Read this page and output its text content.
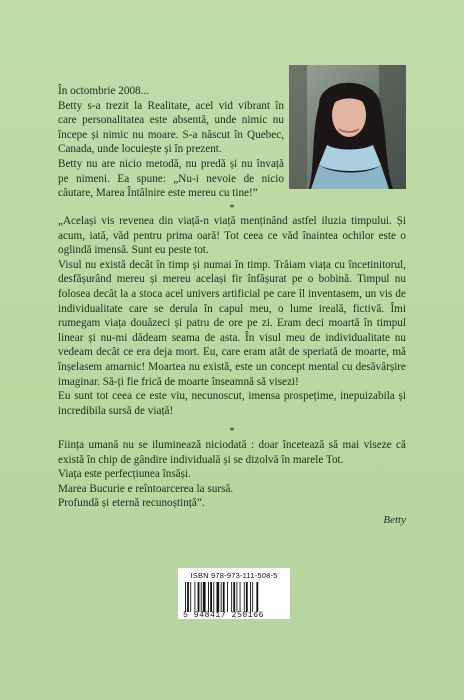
În octombrie 2008...

Betty s-a trezit la Realitate, acel vid vibrant în care personalitatea este absentă, unde nimic nu începe și nimic nu moare. S-a născut în Quebec, Canada, unde locuiește și în prezent.

Betty nu are nicio metodă, nu predă și nu învață pe nimeni. Ea spune: „Nu-i nevoie de nicio căutare, Marea Întâlnire este mereu cu tine!”

*

„Același vis revenea din viață-n viață menținând astfel iluzia timpului. Și acum, iată, văd pentru prima oară! Tot ceea ce văd înaintea ochilor este o oglindă imensă. Sunt eu peste tot.

Visul nu există decât în timp și numai în timp. Trăiam viața cu încetinitorul, desfășurând mereu și mereu același fir înfășurat pe o bobină. Timpul nu folosea decât la a stoca acel univers artificial pe care îl inventasem, un vis de individualitate care se derula în capul meu, o lume ireală, fictivă. Îmi rumegam viața douăzeci și patru de ore pe zi. Eram deci moartă în timpul linear și nu-mi dădeam seama de asta. În visul meu de individualitate nu vedeam decât ce era deja mort. Eu, care eram atât de speriată de moarte, mă înșelasem amarnic! Moartea nu există, este un concept mental cu desăvârșire imaginar. Să-ți fie frică de moarte înseamnă să visezi!

Eu sunt tot ceea ce este viu, necunoscut, imensa prospețime, inepuizabila și incredibila sursă de viață!

*

Ființa umană nu se iluminează niciodată : doar încetează să mai viseze că există în chip de gândire individuală și se dizolvă în marele Tot.

Viața este perfecțiunea însăși.

Marea Bucurie e reîntoarcerea la sursă.

Profundă și eternă recunoștință”.

Betty
ISBN 978-973-111-508-5
5 948417 250166
